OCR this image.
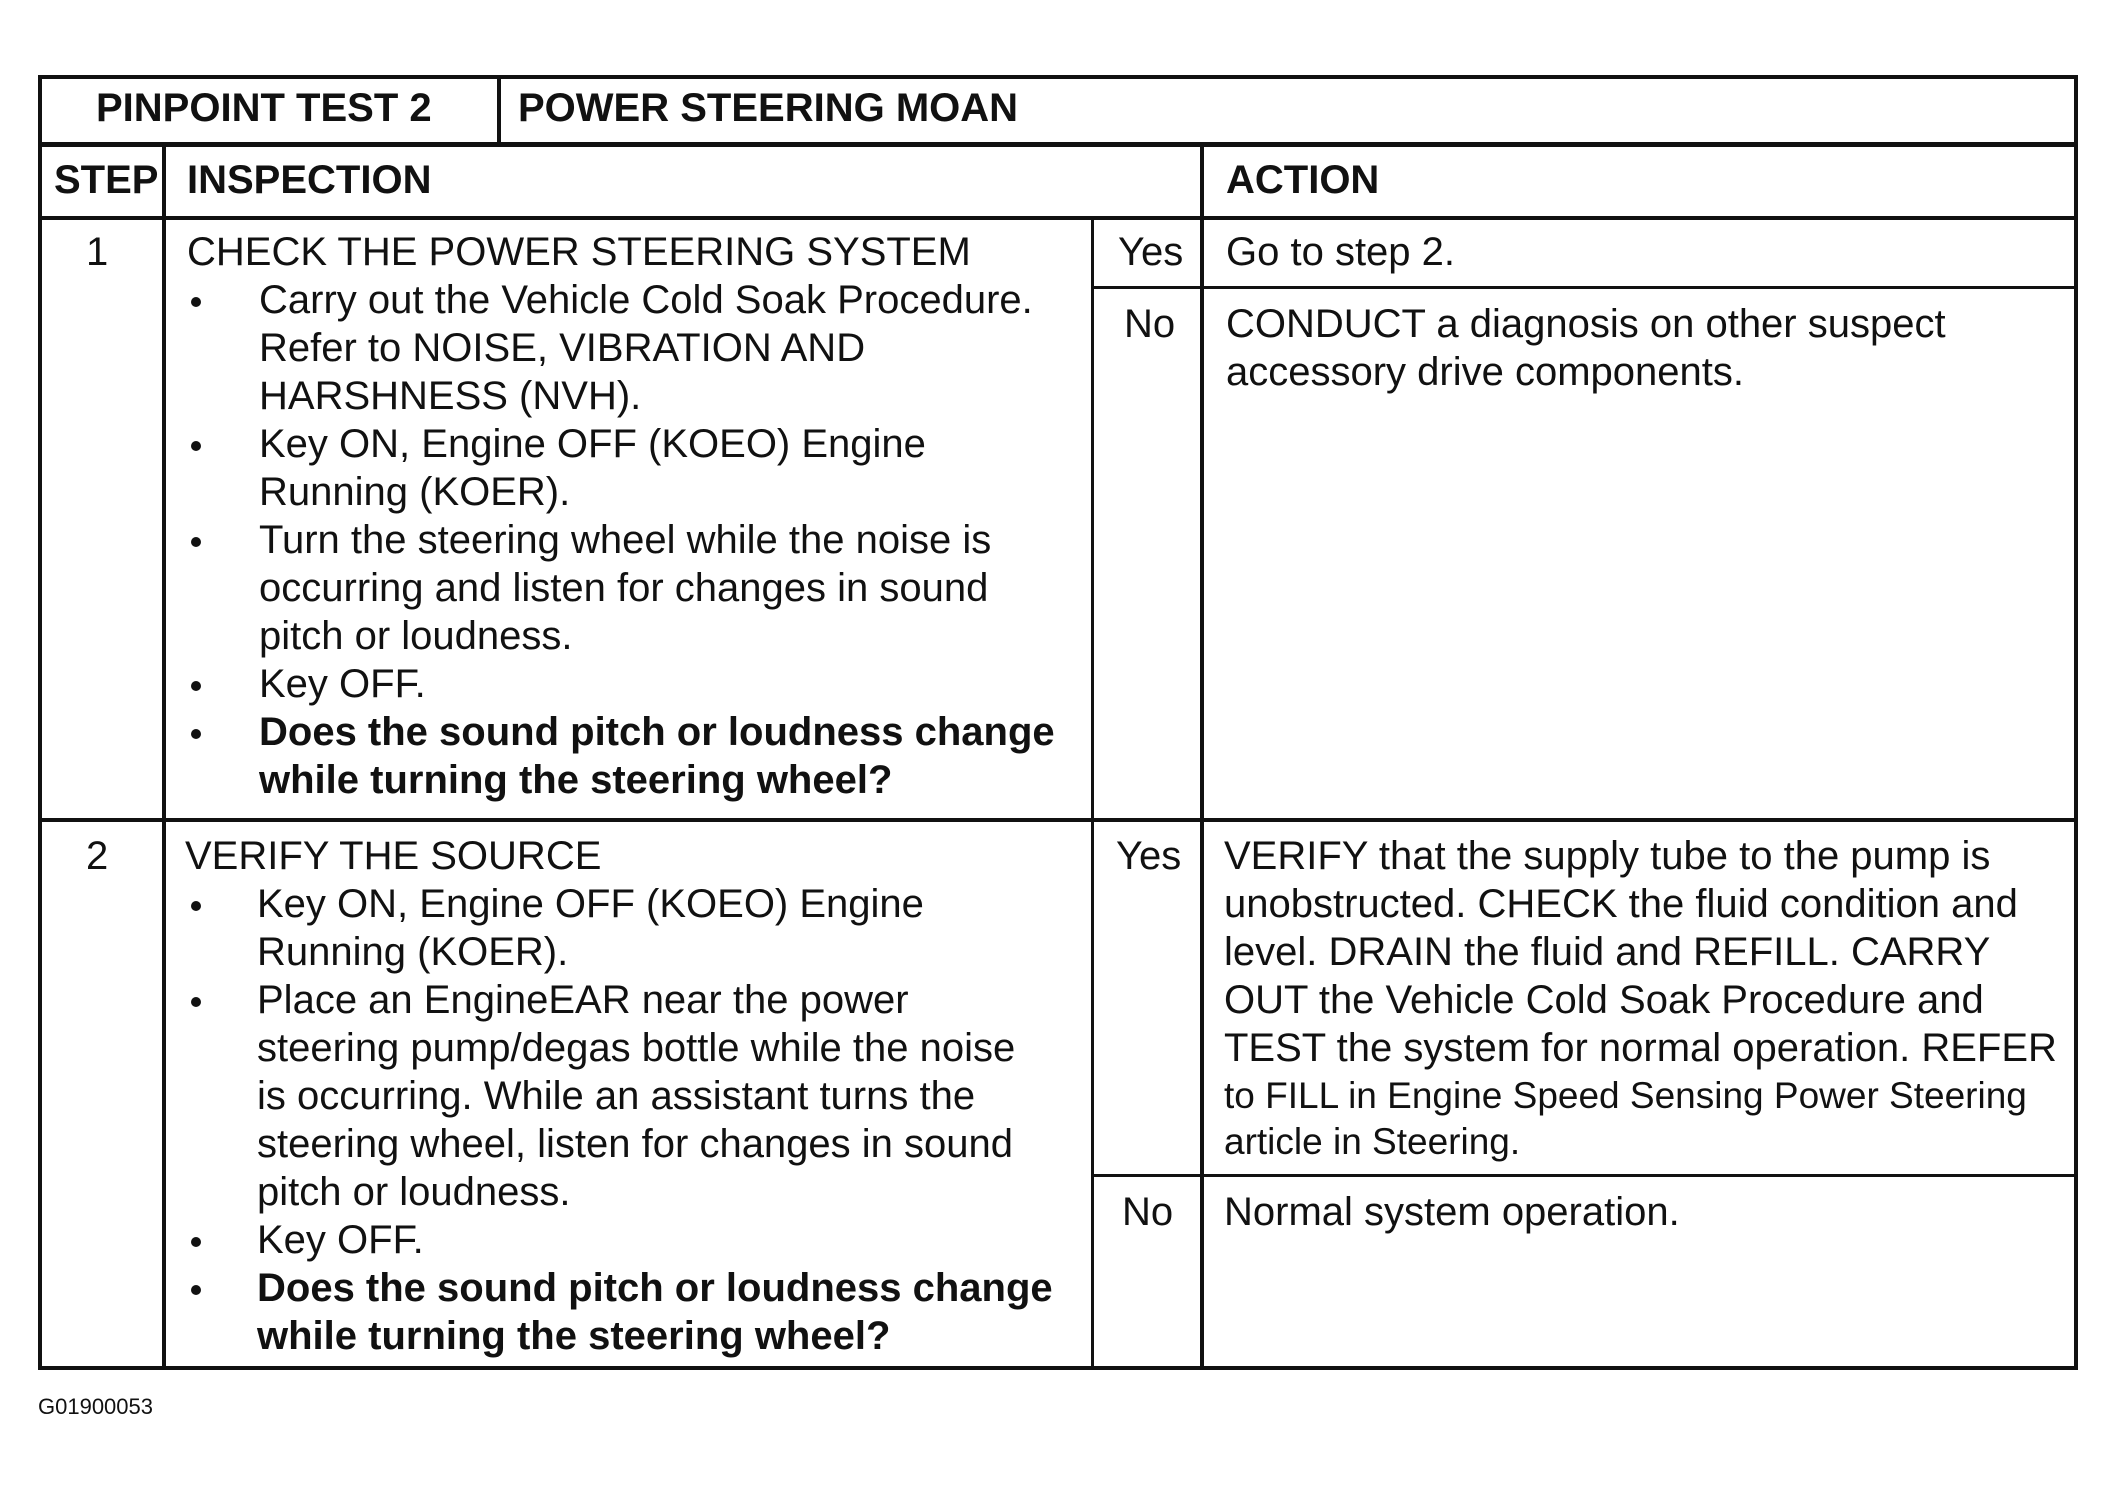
PINPOINT TEST 2 POWER STEERING MOAN
STEP INSPECTION	ACTION
1 CHECK THE POWER STEERING SYSTEM
Carry out the Vehicle Cold Soak Procedure.
Refer to NOISE, VIBRATION AND
HARSHNESS (NVH).
Key ON, Engine OFF (KOEO) Engine
Running (KOER).
Turn the steering wheel while the noise is
occurring and listen for changes in sound
pitch or loudness.
Key OFF.
Does the sound pitch or loudness change
while turning the steering wheel?
Yes Go to step 2.
No CONDUCT a diagnosis on other suspect
accessory drive components.
2 VERIFY THE SOURCE
Key ON, Engine OFF (KOEO) Engine
Running (KOER).
Place an EngineEAR near the power
steering pump/degas bottle while the noise
is occurring. While an assistant turns the
steering wheel, listen for changes in sound
pitch or loudness.
Key OFF.
Does the sound pitch or loudness change
while turning the steering wheel?
Yes VERIFY that the supply tube to the pump is
unobstructed. CHECK the fluid condition and
level. DRAIN the fluid and REFILL. CARRY
OUT the Vehicle Cold Soak Procedure and
TEST the system for normal operation. REFER
to FILL in Engine Speed Sensing Power Steering
article in Steering.
No Normal system operation.
G01900053
